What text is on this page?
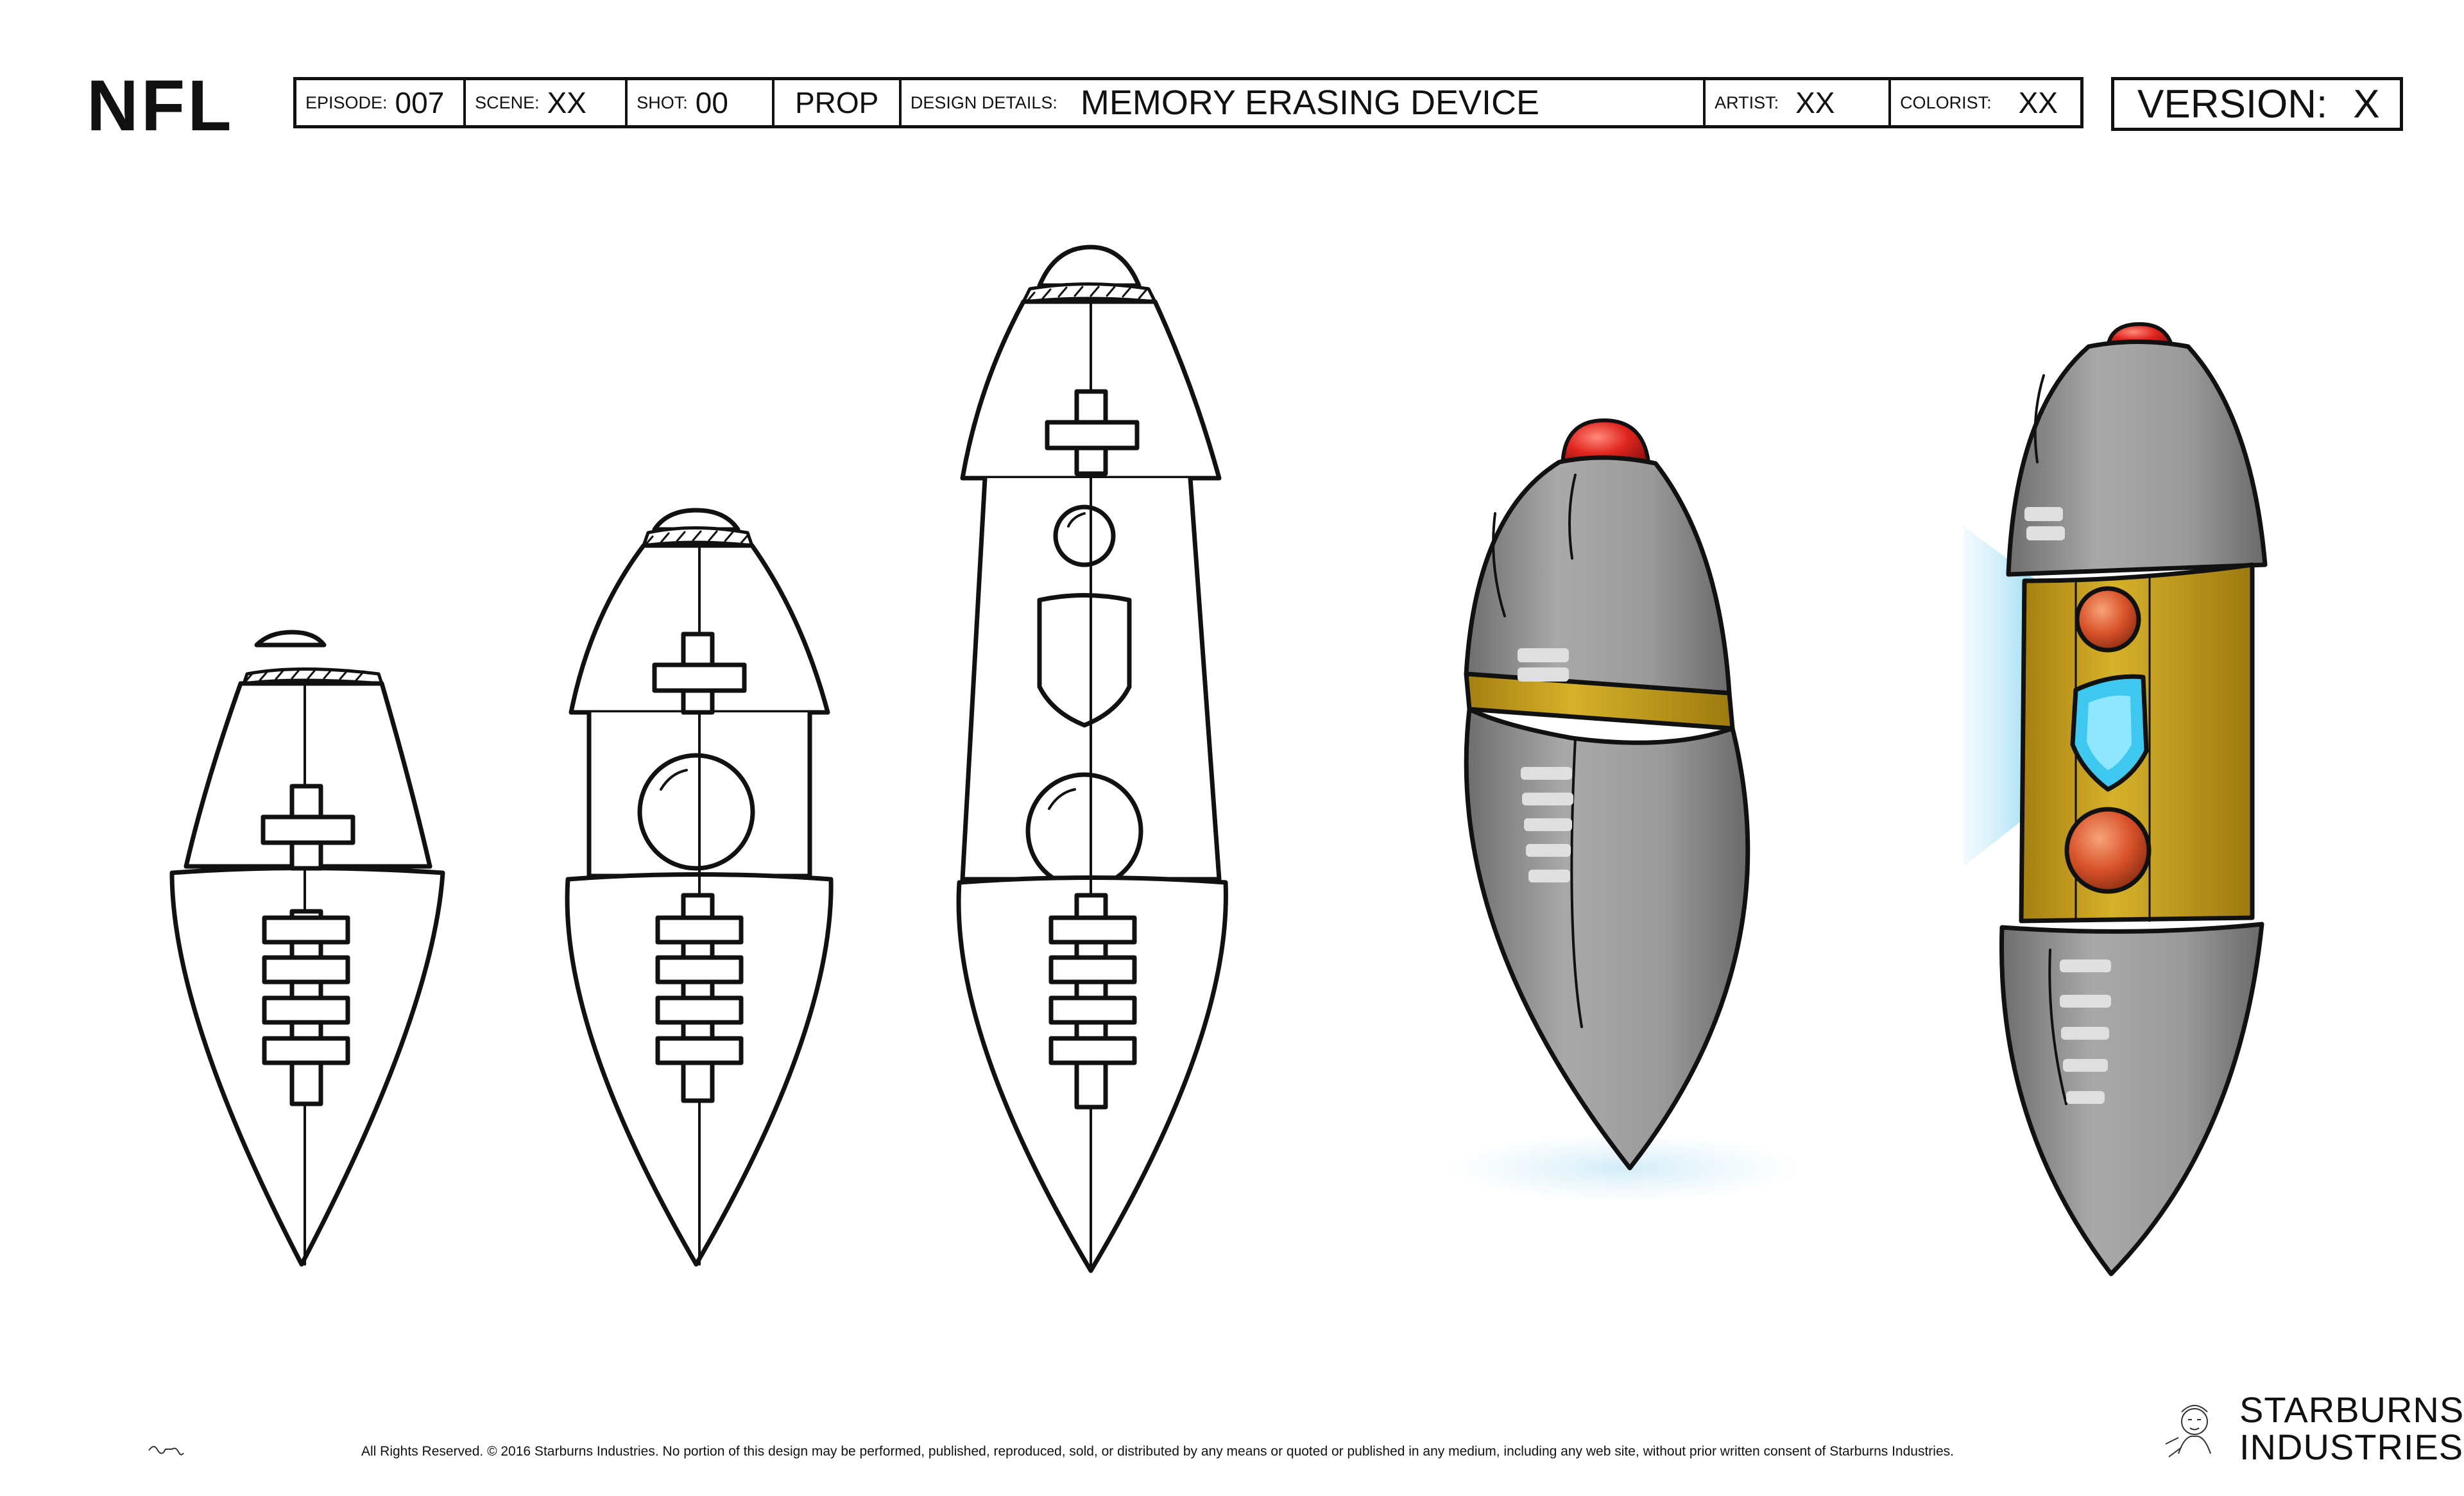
NFL	EPISODE: 007 SCENE: XX	SHOT: 00 PROP DESIGN DETAILS: MEMORY ERASING DEVICE	ARTIST: XX	COLORIST: XX VERSION: X
All Rights Reserved. © 2016 Starburns Industries. No portion of this design may be performed, published, reproduced, sold, or distributed by any means or quoted or published in any medium, including any web site, without prior written consent of Starburns Industries.
STARBURNS
INDUSTRIES
